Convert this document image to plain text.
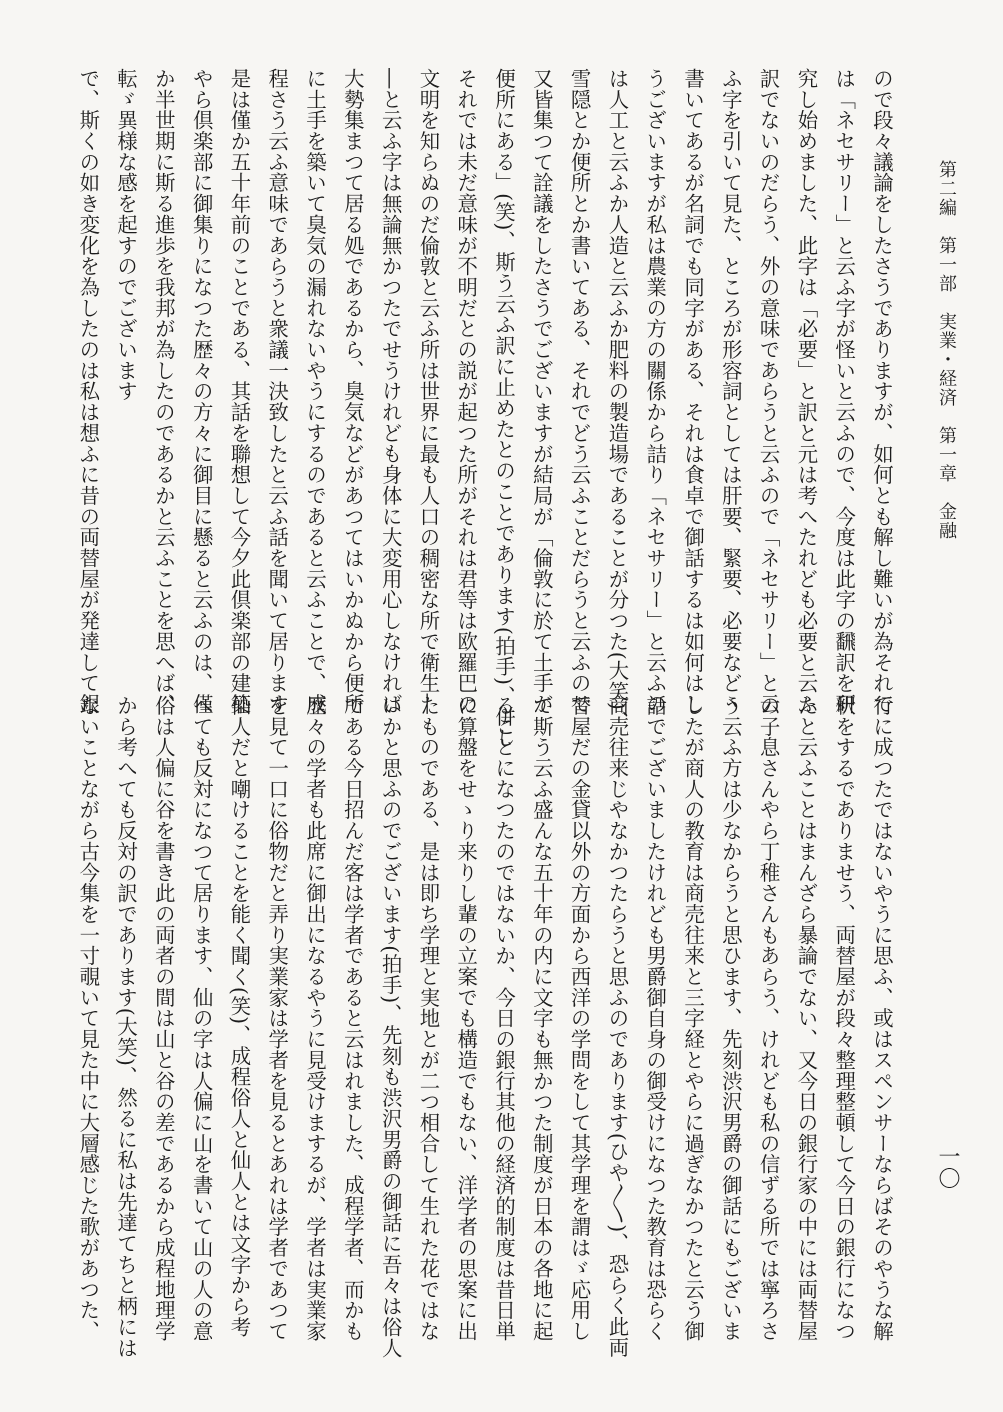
第二編　第一部　実業・経済　第一章　金融
一〇
ので段々議論をしたさうでありますが、如何とも解し難いが為それで
は「ネセサリー」と云ふ字が怪いと云ふので、今度は此字の飜訳を研
究し始めました、此字は「必要」と訳と元は考へたれども必要と云ふ
訳でないのだらう、外の意味であらうと云ふので「ネセサリー」と云
ふ字を引いて見た、ところが形容詞としては肝要、緊要、必要など丶
書いてあるが名詞でも同字がある、それは食卓で御話するは如何はし
うございますが私は農業の方の關係から詰り「ネセサリー」と云ふの
は人工と云ふか人造と云ふか肥料の製造場であることが分つた(大笑)、
雪隠とか便所とか書いてある、それでどう云ふことだらうと云ふので
又皆集つて詮議をしたさうでございますが結局が「倫敦に於て土手が
便所にある」(笑)、斯う云ふ訳に止めたとのことであります(拍手)、併し
それでは未だ意味が不明だとの説が起つた所がそれは君等は欧羅巴の
文明を知らぬのだ倫敦と云ふ所は世界に最も人口の稠密な所で衛生―
―と云ふ字は無論無かつたでせうけれども身体に大変用心しなければ
大勢集まつて居る処であるから、臭気などがあつてはいかぬから便所
に土手を築いて臭気の漏れないやうにするのであると云ふことで、成
程さう云ふ意味であらうと衆議一決致したと云ふ話を聞いて居ります
是は僅か五十年前のことである、其話を聯想して今夕此倶楽部の建築
やら倶楽部に御集りになつた歴々の方々に御目に懸ると云ふのは、僅
か半世期に斯る進歩を我邦が為したのであるかと云ふことを思へば、
転ゞ異様な感を起すのでございます
で、斯くの如き変化を為したのは私は想ふに昔の両替屋が発達して銀
行に成つたではないやうに思ふ、或はスペンサーならばそのやうな解
釈をするでありませう、両替屋が段々整理整頓して今日の銀行になつ
たと云ふことはまんざら暴論でない、又今日の銀行家の中には両替屋
の子息さんやら丁稚さんもあらう、けれども私の信ずる所では寧ろさ
う云ふ方は少なからうと思ひます、先刻渋沢男爵の御話にもございま
したが商人の教育は商売往来と三字経とやらに過ぎなかつたと云う御
話でございましたけれども男爵御自身の御受けになつた教育は恐らく
商売往来じやなかつたらうと思ふのであります(ひや〳〵)、恐らく此両
替屋だの金貸以外の方面から西洋の学問をして其学理を謂はゞ応用し
て斯う云ふ盛んな五十年の内に文字も無かつた制度が日本の各地に起
ることになつたのではないか、今日の銀行其他の経済的制度は昔日単
に算盤をせゝり来りし輩の立案でも構造でもない、洋学者の思案に出
たものである、是は即ち学理と実地とが二つ相合して生れた花ではな
いかと思ふのでございます(拍手)、先刻も渋沢男爵の御話に吾々は俗人
である今日招んだ客は学者であると云はれました、成程学者、而かも
歴々の学者も此席に御出になるやうに見受けまするが、学者は実業家
を見て一口に俗物だと弄り実業家は学者を見るとあれは学者であつて
仙人だと嘲けることを能く聞く(笑)、成程俗人と仙人とは文字から考
へても反対になつて居ります、仙の字は人偏に山を書いて山の人の意
俗は人偏に谷を書き此の両者の間は山と谷の差であるから成程地理学
から考へても反対の訳であります(大笑)、然るに私は先達てちと柄には
ないことながら古今集を一寸覗いて見た中に大層感じた歌があつた、
